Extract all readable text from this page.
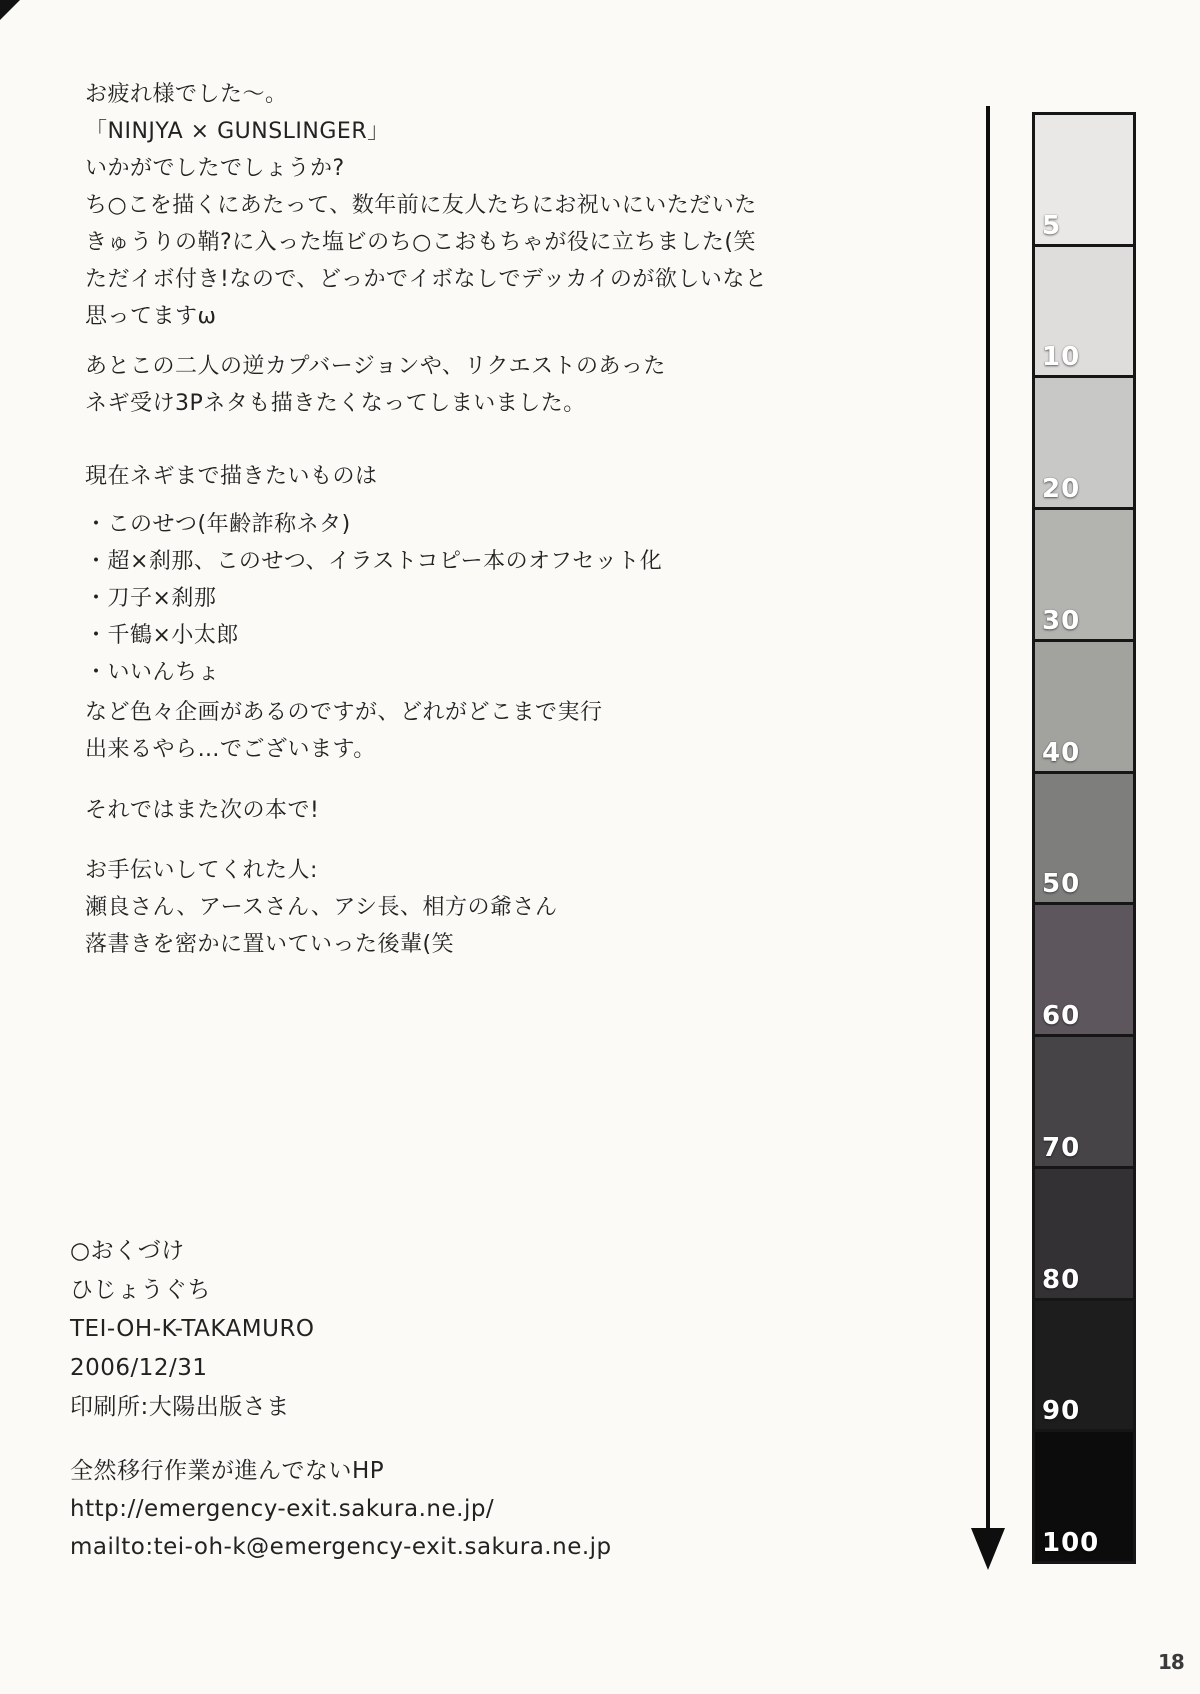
お疲れ様でした～。
「NINJYA × GUNSLINGER」
いかがでしたでしょうか?
ち○こを描くにあたって、数年前に友人たちにお祝いにいただいた
きゅうりの鞘?に入った塩ビのち○こおもちゃが役に立ちました(笑
ただイボ付き!なので、どっかでイボなしでデッカイのが欲しいなと
思ってますω
あとこの二人の逆カプバージョンや、リクエストのあった
ネギ受け3Pネタも描きたくなってしまいました。
現在ネギまで描きたいものは
・このせつ(年齢詐称ネタ)
・超×刹那、このせつ、イラストコピー本のオフセット化
・刀子×刹那
・千鶴×小太郎
・いいんちょ
など色々企画があるのですが、どれがどこまで実行
出来るやら…でございます。
それではまた次の本で!
お手伝いしてくれた人:
瀬良さん、アースさん、アシ長、相方の爺さん
落書きを密かに置いていった後輩(笑
○おくづけ
ひじょうぐち
TEI-OH-K-TAKAMURO
2006/12/31
印刷所:大陽出版さま
全然移行作業が進んでないHP
http://emergency-exit.sakura.ne.jp/
mailto:tei-oh-k@emergency-exit.sakura.ne.jp
5
10
20
30
40
50
60
70
80
90
100
18
